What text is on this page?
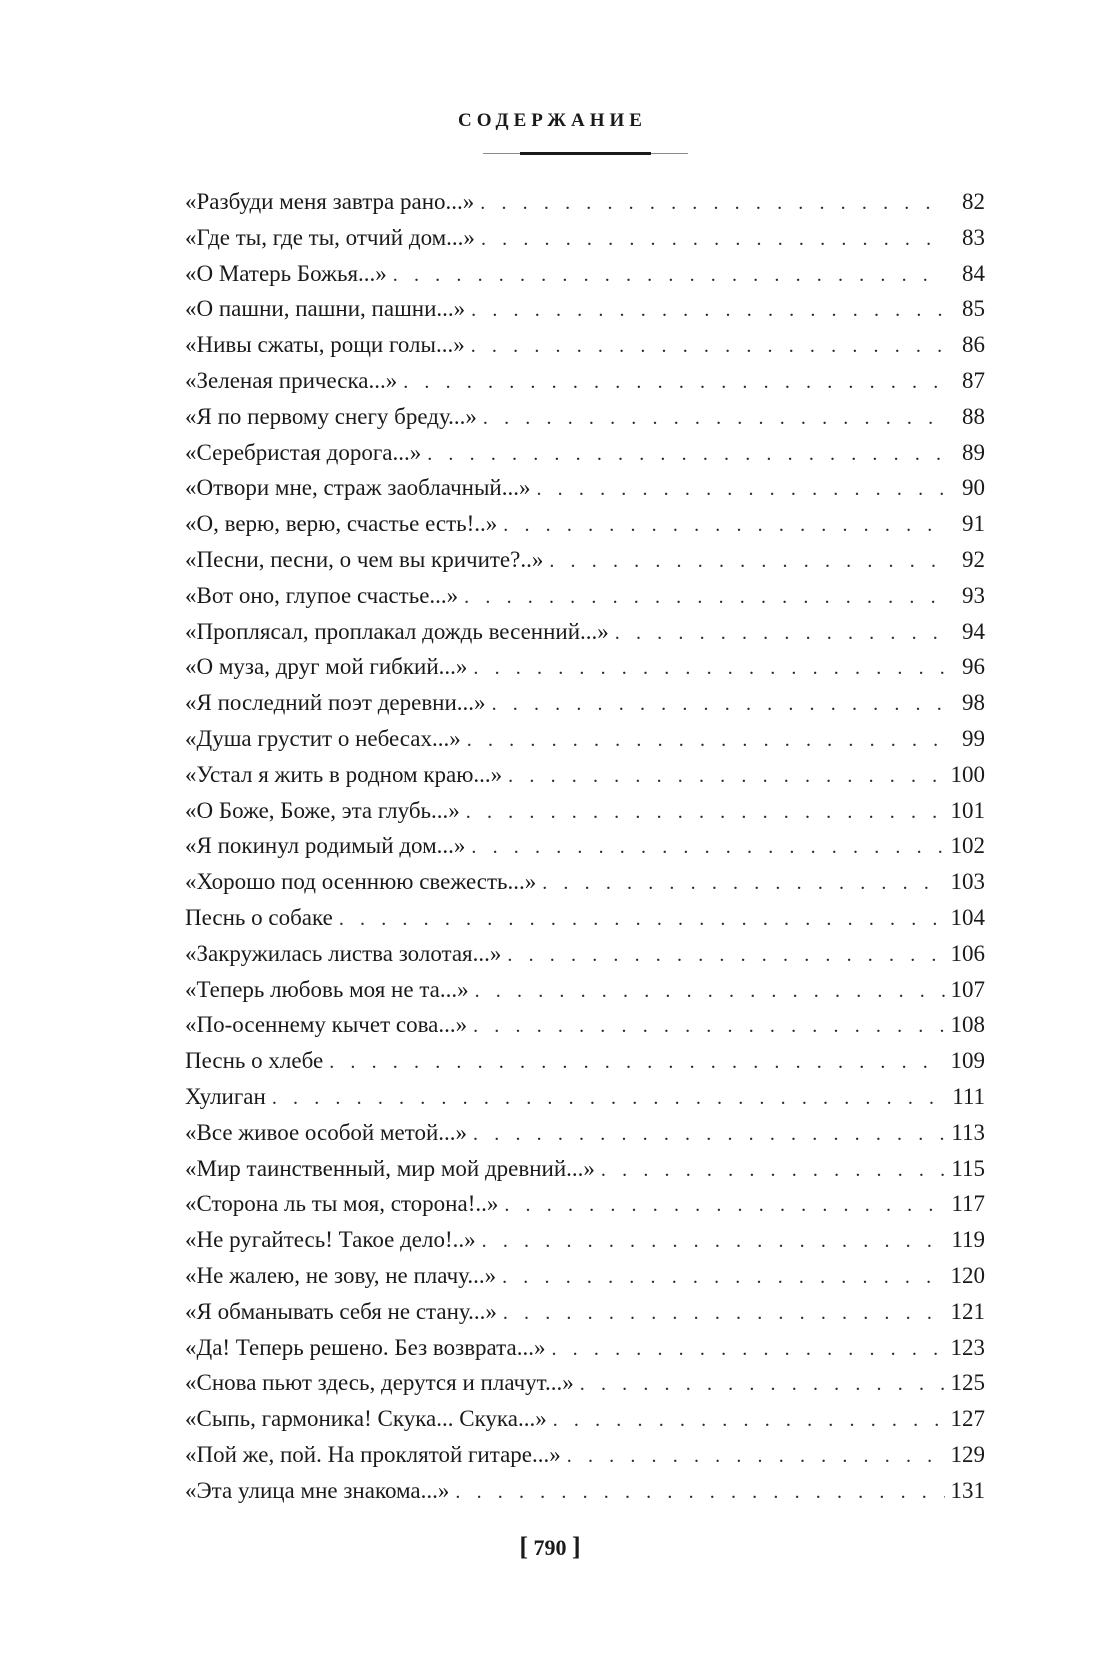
СОДЕРЖАНИЕ
«Разбуди меня завтра рано...» . . .	82
«Где ты, где ты, отчий дом...» . . .	83
«О Матерь Божья...» . . .	84
«О пашни, пашни, пашни...» . . .	85
«Нивы сжаты, рощи голы...» . . .	86
«Зеленая прическа...» . . .	87
«Я по первому снегу бреду...» . . .	88
«Серебристая дорога...» . . .	89
«Отвори мне, страж заоблачный...» . . .	90
«О, верю, верю, счастье есть!..» . . .	91
«Песни, песни, о чем вы кричите?..» . . .	92
«Вот оно, глупое счастье...» . . .	93
«Проплясал, проплакал дождь весенний...» . . .	94
«О муза, друг мой гибкий...» . . .	96
«Я последний поэт деревни...» . . .	98
«Душа грустит о небесах...» . . .	99
«Устал я жить в родном краю...» . . .	100
«О Боже, Боже, эта глубь...» . . .	101
«Я покинул родимый дом...» . . .	102
«Хорошо под осеннюю свежесть...» . . .	103
Песнь о собаке . . .	104
«Закружилась листва золотая...» . . .	106
«Теперь любовь моя не та...» . . .	107
«По-осеннему кычет сова...» . . .	108
Песнь о хлебе . . .	109
Хулиган . . .	111
«Все живое особой метой...» . . .	113
«Мир таинственный, мир мой древний...» . . .	115
«Сторона ль ты моя, сторона!..» . . .	117
«Не ругайтесь! Такое дело!..» . . .	119
«Не жалею, не зову, не плачу...» . . .	120
«Я обманывать себя не стану...» . . .	121
«Да! Теперь решено. Без возврата...» . . .	123
«Снова пьют здесь, дерутся и плачут...» . . .	125
«Сыпь, гармоника! Скука... Скука...» . . .	127
«Пой же, пой. На проклятой гитаре...» . . .	129
«Эта улица мне знакома...» . . .	131
[ 790 ]
